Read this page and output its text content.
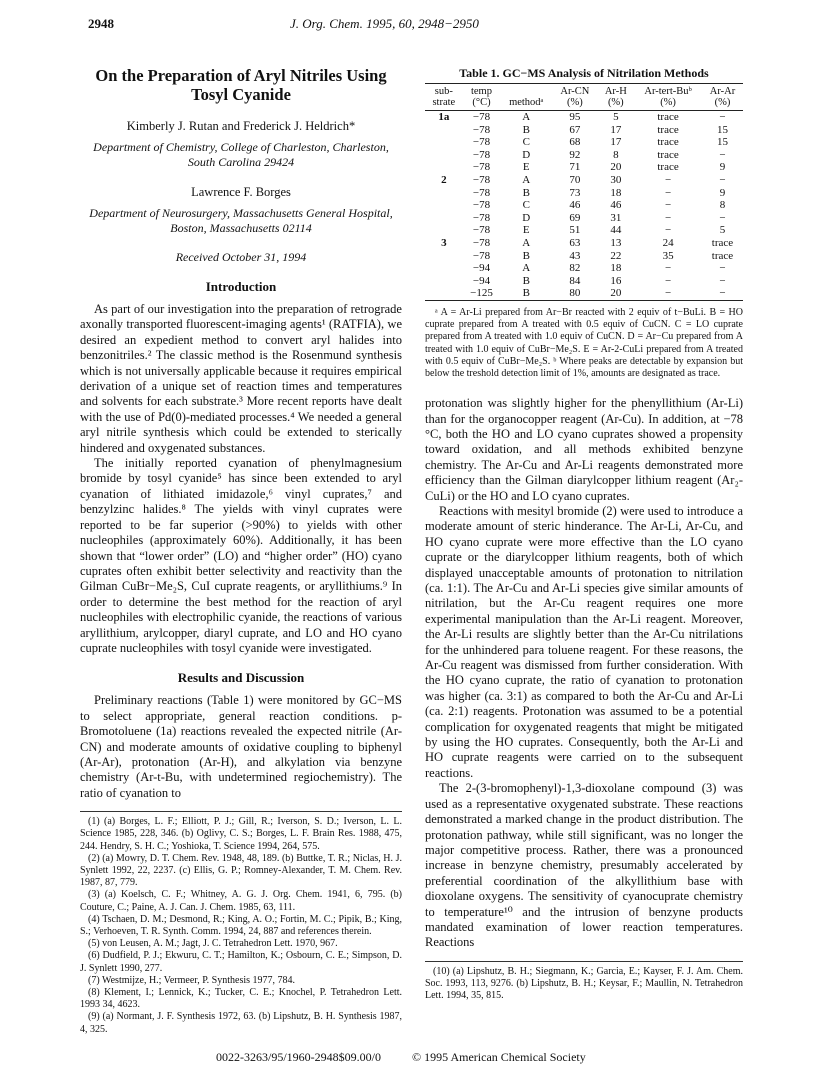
2948	J. Org. Chem. 1995, 60, 2948−2950
On the Preparation of Aryl Nitriles Using Tosyl Cyanide
Kimberly J. Rutan and Frederick J. Heldrich*
Department of Chemistry, College of Charleston, Charleston, South Carolina 29424
Lawrence F. Borges
Department of Neurosurgery, Massachusetts General Hospital, Boston, Massachusetts 02114
Received October 31, 1994
Introduction

As part of our investigation into the preparation of retrograde axonally transported fluorescent-imaging agents¹ (RATFIA), we desired an expedient method to convert aryl halides into benzonitriles.² The classic method is the Rosenmund synthesis which is not universally applicable because it requires empirical derivation of a unique set of reaction times and temperatures and solvents for each substrate.³ More recent reports have dealt with the use of Pd(0)-mediated processes.⁴ We needed a general aryl nitrile synthesis which could be extended to sterically hindered and oxygenated substances.

The initially reported cyanation of phenylmagnesium bromide by tosyl cyanide⁵ has since been extended to aryl cyanation of lithiated imidazole,⁶ vinyl cuprates,⁷ and benzylzinc halides.⁸ The yields with vinyl cuprates were reported to be far superior (>90%) to yields with other nucleophiles (approximately 60%). Additionally, it has been shown that “lower order” (LO) and “higher order” (HO) cyano cuprates often exhibit better selectivity and reactivity than the Gilman CuBr−Me₂S, CuI cuprate reagents, or aryllithiums.⁹ In order to determine the best method for the reaction of aryl nucleophiles with electrophilic cyanide, the reactions of various aryllithium, arylcopper, diaryl cuprate, and LO and HO cyano cuprate nucleophiles with tosyl cyanide were investigated.

Results and Discussion

Preliminary reactions (Table 1) were monitored by GC−MS to select appropriate, general reaction conditions. p-Bromotoluene (1a) reactions revealed the expected nitrile (Ar-CN) and moderate amounts of oxidative coupling to biphenyl (Ar-Ar), protonation (Ar-H), and alkylation via benzyne chemistry (Ar-t-Bu, with undetermined regiochemistry). The ratio of cyanation to

(1) (a) Borges, L. F.; Elliott, P. J.; Gill, R.; Iverson, S. D.; Iverson, L. L. Science 1985, 228, 346. (b) Oglivy, C. S.; Borges, L. F. Brain Res. 1988, 475, 244. Hendry, S. H. C.; Yoshioka, T. Science 1994, 264, 575.

(2) (a) Mowry, D. T. Chem. Rev. 1948, 48, 189. (b) Buttke, T. R.; Niclas, H. J. Synlett 1992, 22, 2237. (c) Ellis, G. P.; Romney-Alexander, T. M. Chem. Rev. 1987, 87, 779.

(3) (a) Koelsch, C. F.; Whitney, A. G. J. Org. Chem. 1941, 6, 795. (b) Couture, C.; Paine, A. J. Can. J. Chem. 1985, 63, 111.

(4) Tschaen, D. M.; Desmond, R.; King, A. O.; Fortin, M. C.; Pipik, B.; King, S.; Verhoeven, T. R. Synth. Comm. 1994, 24, 887 and references therein.

(5) von Leusen, A. M.; Jagt, J. C. Tetrahedron Lett. 1970, 967.

(6) Dudfield, P. J.; Ekwuru, C. T.; Hamilton, K.; Osbourn, C. E.; Simpson, D. J. Synlett 1990, 277.

(7) Westmijze, H.; Vermeer, P. Synthesis 1977, 784.

(8) Klement, I.; Lennick, K.; Tucker, C. E.; Knochel, P. Tetrahedron Lett. 1993 34, 4623.

(9) (a) Normant, J. F. Synthesis 1972, 63. (b) Lipshutz, B. H. Synthesis 1987, 4, 325.

Table 1. GC−MS Analysis of Nitrilation Methods
sub-	temp		Ar-CN	Ar-H	Ar-tert-Buᵇ	Ar-Ar
strate	(°C)	methodᵃ	(%)	(%)	(%)	(%)
1a	−78	A	95	5	trace	−
	−78	B	67	17	trace	15
	−78	C	68	17	trace	15
	−78	D	92	8	trace	−
	−78	E	71	20	trace	9
2	−78	A	70	30	−	−
	−78	B	73	18	−	9
	−78	C	46	46	−	8
	−78	D	69	31	−	−
	−78	E	51	44	−	5
3	−78	A	63	13	24	trace
	−78	B	43	22	35	trace
	−94	A	82	18	−	−
	−94	B	84	16	−	−
	−125	B	80	20	−	−

ᵃ A = Ar-Li prepared from Ar−Br reacted with 2 equiv of t−BuLi. B = HO cuprate prepared from A treated with 0.5 equiv of CuCN. C = LO cuprate prepared from A treated with 1.0 equiv of CuCN. D = Ar−Cu prepared from A treated with 1.0 equiv of CuBr−Me₂S. E = Ar-2-CuLi prepared from A treated with 0.5 equiv of CuBr−Me₂S. ᵇ Where peaks are detectable by expansion but below the treshold detection limit of 1%, amounts are designated as trace.

protonation was slightly higher for the phenyllithium (Ar-Li) than for the organocopper reagent (Ar-Cu). In addition, at −78 °C, both the HO and LO cyano cuprates showed a propensity toward oxidation, and all methods exhibited benzyne chemistry. The Ar-Cu and Ar-Li reagents demonstrated more efficiency than the Gilman diarylcopper lithium reagent (Ar₂-CuLi) or the HO and LO cyano cuprates.

Reactions with mesityl bromide (2) were used to introduce a moderate amount of steric hinderance. The Ar-Li, Ar-Cu, and HO cyano cuprate were more effective than the LO cyano cuprate or the diarylcopper lithium reagents, both of which displayed unacceptable amounts of protonation to nitrilation (ca. 1:1). The Ar-Cu and Ar-Li species give similar amounts of nitrilation, but the Ar-Cu reagent requires one more experimental manipulation than the Ar-Li reagent. Moreover, the Ar-Li results are slightly better than the Ar-Cu nitrilations for the unhindered para toluene reagent. For these reasons, the Ar-Cu reagent was dismissed from further consideration. With the HO cyano cuprate, the ratio of cyanation to protonation was higher (ca. 3:1) as compared to both the Ar-Cu and Ar-Li (ca. 2:1) reagents. Protonation was assumed to be a potential complication for oxygenated reagents that might be mitigated by using the HO cuprates. Consequently, both the Ar-Li and HO cuprate reagents were carried on to the subsequent reactions.

The 2-(3-bromophenyl)-1,3-dioxolane compound (3) was used as a representative oxygenated substrate. These reactions demonstrated a marked change in the product distribution. The protonation pathway, while still significant, was no longer the major competitive process. Rather, there was a pronounced increase in benzyne chemistry, presumably accelerated by preferential coordination of the alkyllithium base with dioxolane oxygens. The sensitivity of cyanocuprate chemistry to temperature¹⁰ and the intrusion of benzyne products mandated examination of lower reaction temperatures. Reactions

(10) (a) Lipshutz, B. H.; Siegmann, K.; Garcia, E.; Kayser, F. J. Am. Chem. Soc. 1993, 113, 9276. (b) Lipshutz, B. H.; Keysar, F.; Maullin, N. Tetrahedron Lett. 1994, 35, 815.

0022-3263/95/1960-2948$09.00/0	© 1995 American Chemical Society
